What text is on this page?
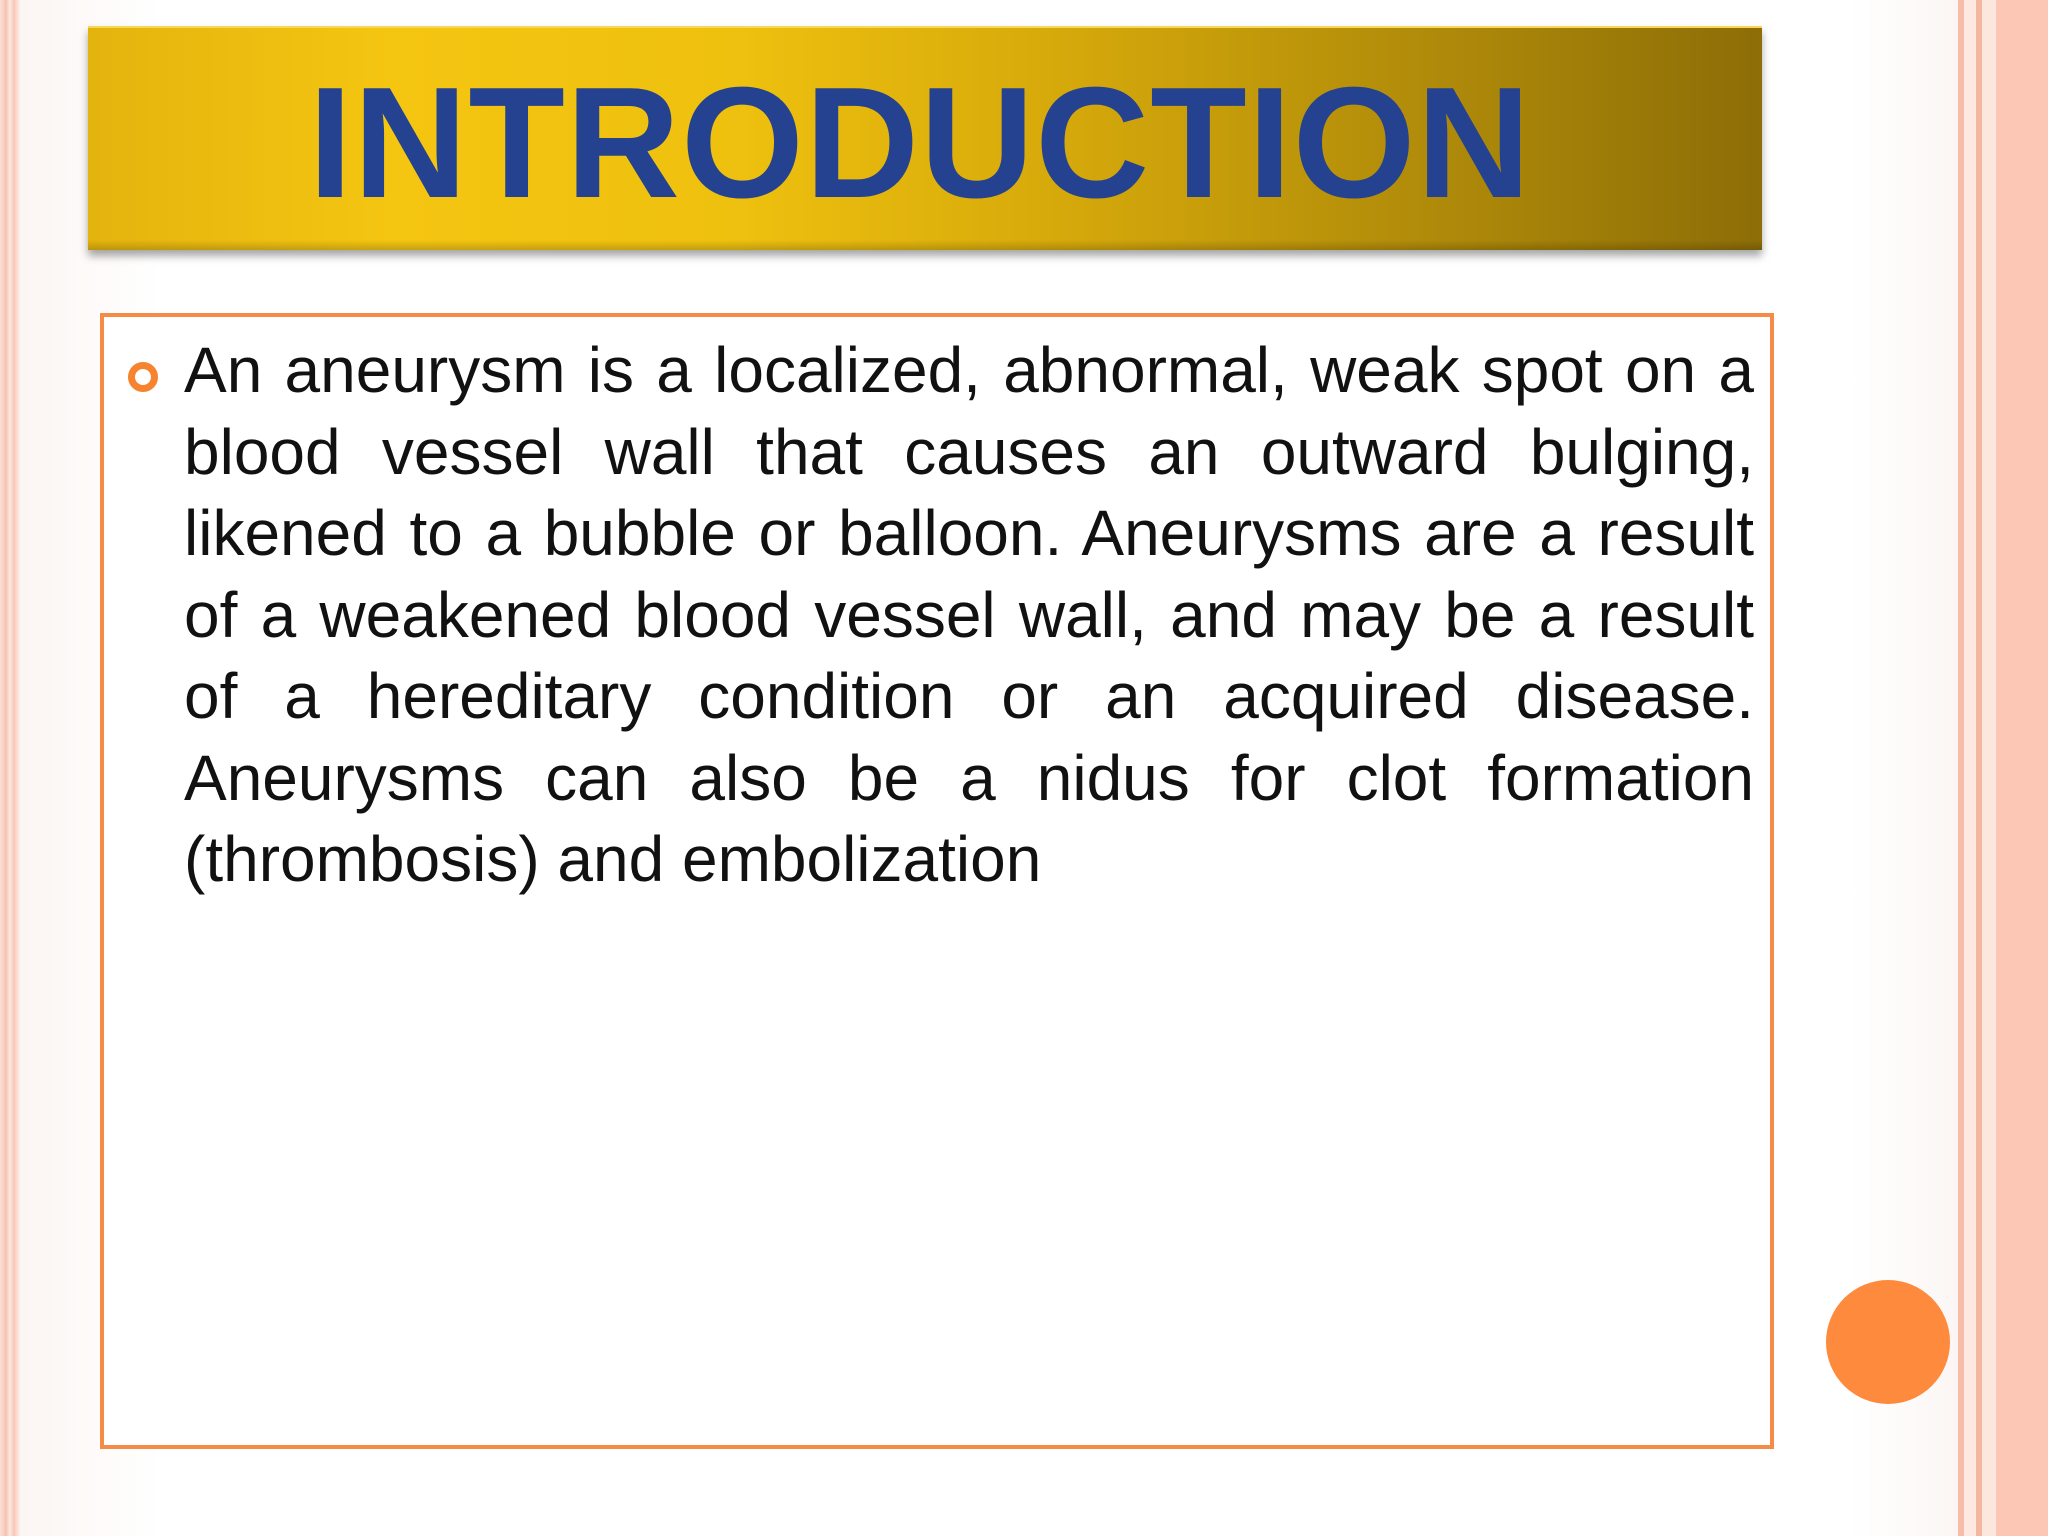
INTRODUCTION

An aneurysm is a localized, abnormal, weak spot on a blood vessel wall that causes an outward bulging, likened to a bubble or balloon. Aneurysms are a result of a weakened blood vessel wall, and may be a result of a hereditary condition or an acquired disease. Aneurysms can also be a nidus for clot formation (thrombosis) and embolization
